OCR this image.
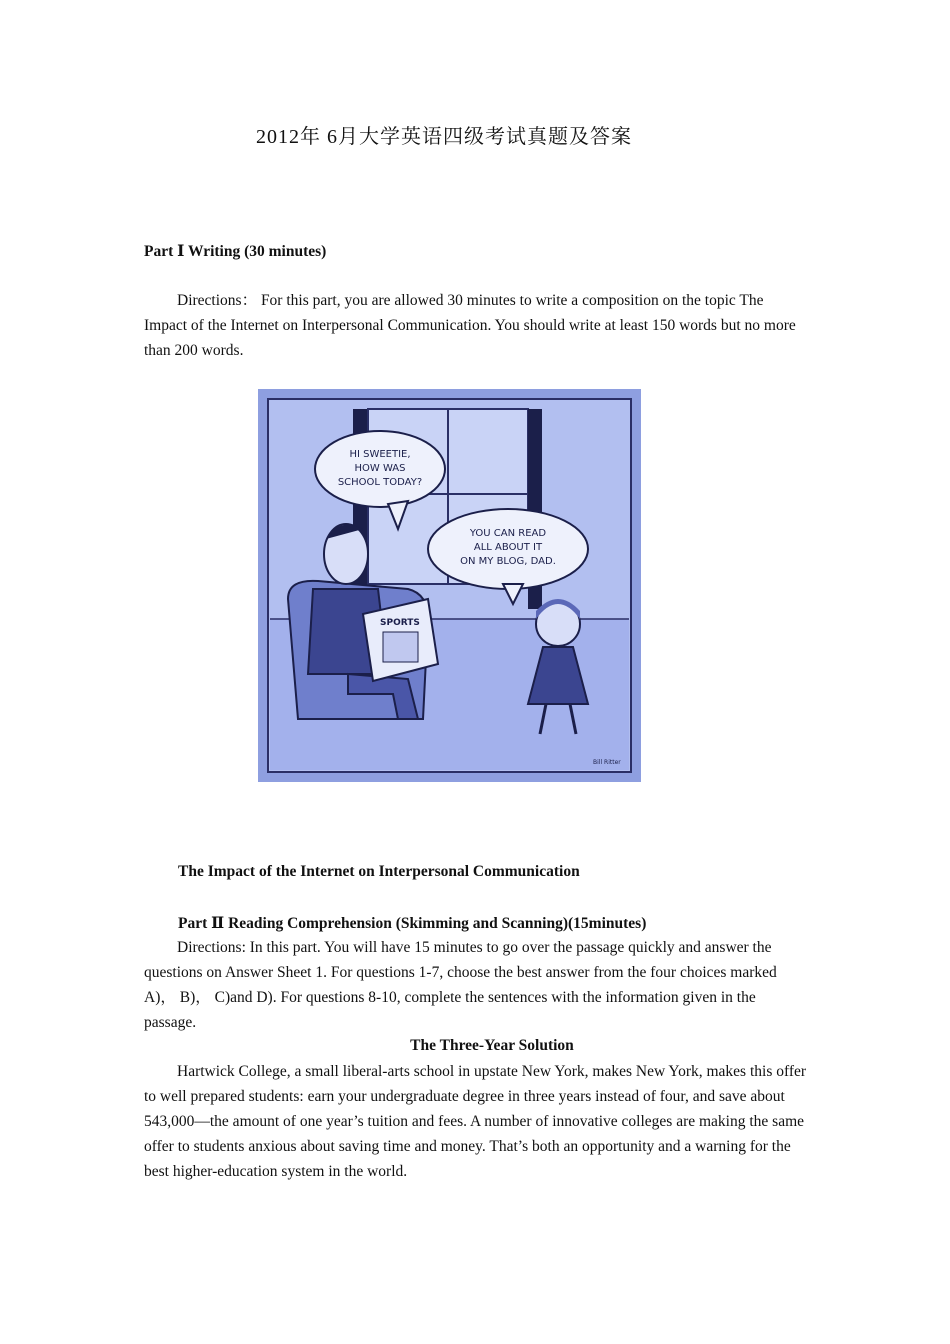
2012年 6月大学英语四级考试真题及答案
Part Ⅰ Writing (30 minutes)
Directions： For this part, you are allowed 30 minutes to write a composition on the topic The Impact of the Internet on Interpersonal Communication. You should write at least 150 words but no more than 200 words.
SPORTS
HI SWEETIE,
HOW WAS
SCHOOL TODAY?
YOU CAN READ
ALL ABOUT IT
ON MY BLOG, DAD.
Bill Ritter
The Impact of the Internet on Interpersonal Communication
Part Ⅱ Reading Comprehension (Skimming and Scanning)(15minutes)
Directions: In this part. You will have 15 minutes to go over the passage quickly and answer the questions on Answer Sheet 1. For questions 1-7, choose the best answer from the four choices marked A)， B)， C)and D). For questions 8-10, complete the sentences with the information given in the passage.
The Three-Year Solution
Hartwick College, a small liberal-arts school in upstate New York, makes New York, makes this offer to well prepared students: earn your undergraduate degree in three years instead of four, and save about 543,000—the amount of one year’s tuition and fees. A number of innovative colleges are making the same offer to students anxious about saving time and money. That’s both an opportunity and a warning for the best higher-education system in the world.
